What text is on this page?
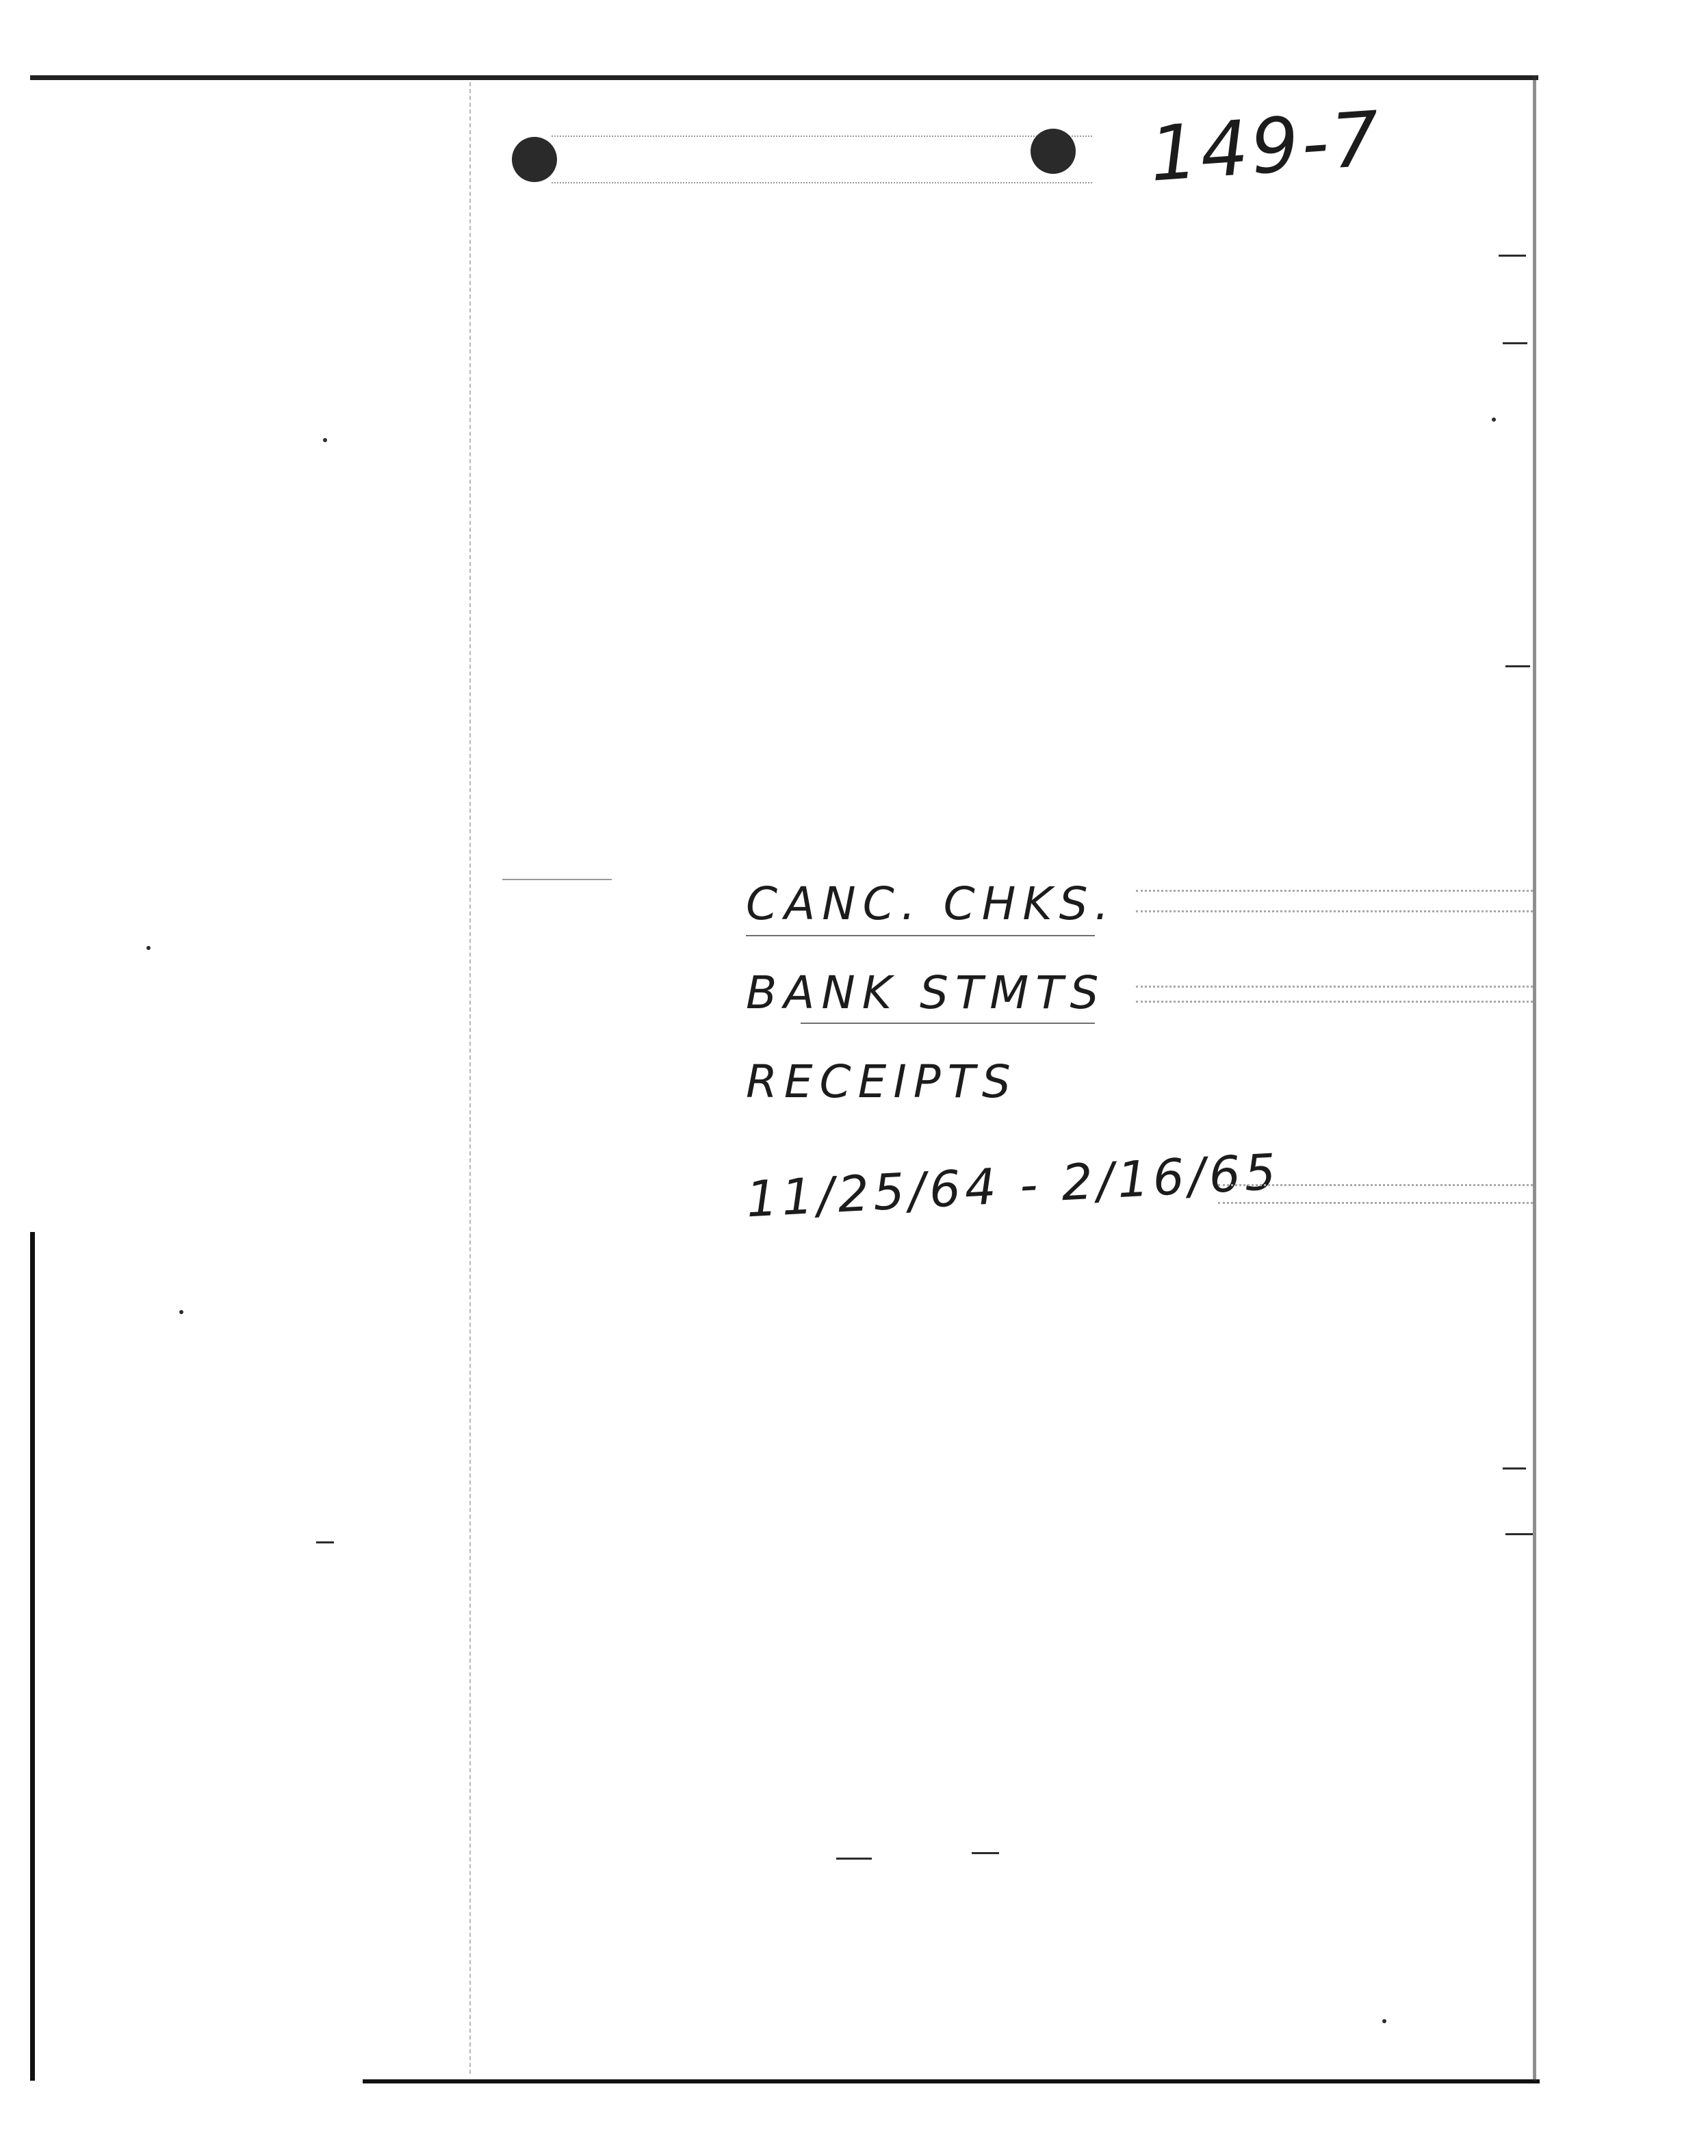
149-7
CANC. CHKS.
BANK STMTS
RECEIPTS
11/25/64 - 2/16/65
